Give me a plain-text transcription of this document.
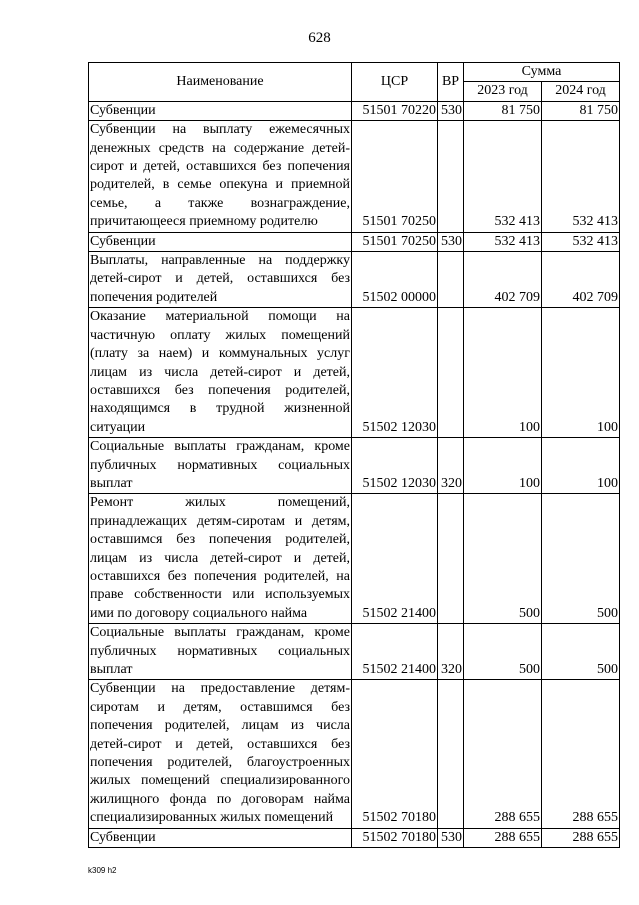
628
Наименование	ЦСР	ВР	Сумма	
			2023 год	2024 год
Субвенции	51501 70220	530	81 750	81 750
Субвенции на выплату ежемесячных денежных средств на содержание детей-сирот и детей, оставшихся без попечения родителей, в семье опекуна и приемной семье, а также вознаграждение, причитающееся приемному родителю	51501 70250		532 413	532 413
Субвенции	51501 70250	530	532 413	532 413
Выплаты, направленные на поддержку детей-сирот и детей, оставшихся без попечения родителей	51502 00000		402 709	402 709
Оказание материальной помощи на частичную оплату жилых помещений (плату за наем) и коммунальных услуг лицам из числа детей-сирот и детей, оставшихся без попечения родителей, находящимся в трудной жизненной ситуации	51502 12030		100	100
Социальные выплаты гражданам, кроме публичных нормативных социальных выплат	51502 12030	320	100	100
Ремонт жилых помещений, принадлежащих детям-сиротам и детям, оставшимся без попечения родителей, лицам из числа детей-сирот и детей, оставшихся без попечения родителей, на праве собственности или используемых ими по договору социального найма	51502 21400		500	500
Социальные выплаты гражданам, кроме публичных нормативных социальных выплат	51502 21400	320	500	500
Субвенции на предоставление детям-сиротам и детям, оставшимся без попечения родителей, лицам из числа детей-сирот и детей, оставшихся без попечения родителей, благоустроенных жилых помещений специализированного жилищного фонда по договорам найма специализированных жилых помещений	51502 70180		288 655	288 655
Субвенции	51502 70180	530	288 655	288 655
k309 h2
